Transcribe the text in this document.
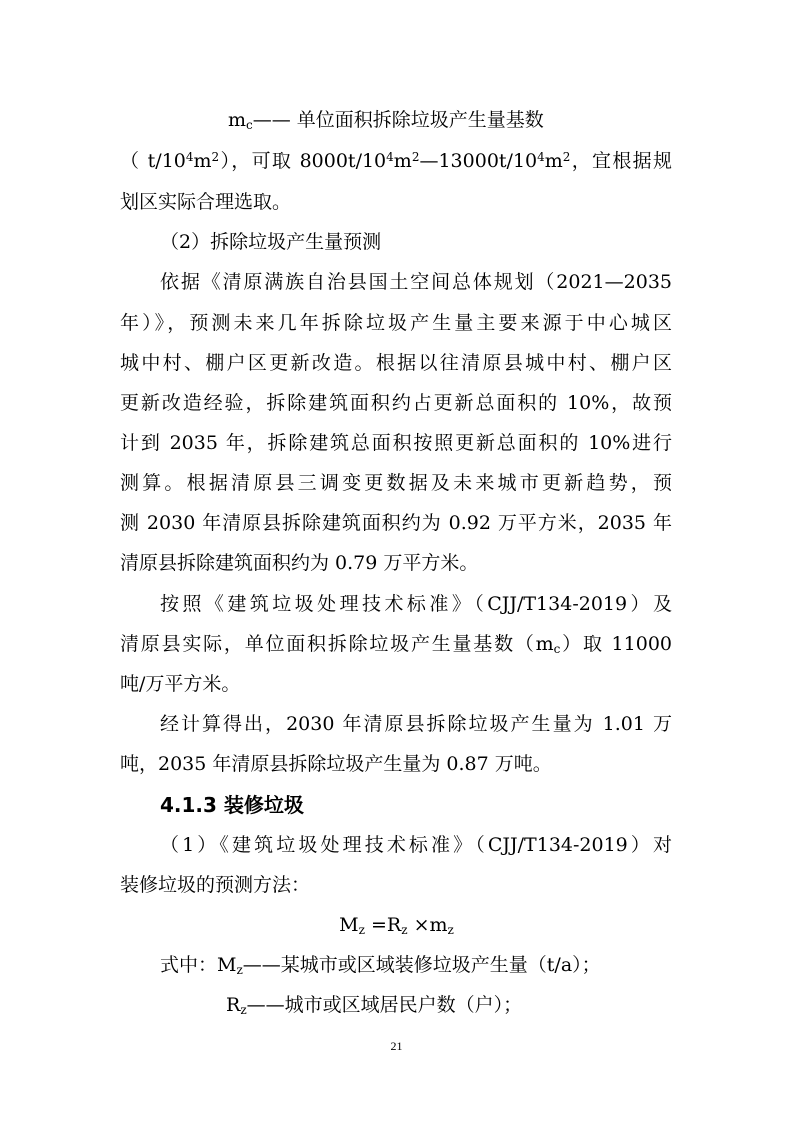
$m_c——$ 单位面积拆除垃圾产生量基数
（ $t/10^4m^2$），可取 $8000t/10^4m^2—13000t/10^4m^2$，宜根据规
划区实际合理选取。
（2）拆除垃圾产生量预测
依据《清原满族自治县国土空间总体规划（2021—2035
年）》，预测未来几年拆除垃圾产生量主要来源于中心城区
城中村、棚户区更新改造。根据以往清原县城中村、棚户区
更新改造经验，拆除建筑面积约占更新总面积的 10%，故预
计到 2035 年，拆除建筑总面积按照更新总面积的 10%进行
测算。根据清原县三调变更数据及未来城市更新趋势，预
测 2030 年清原县拆除建筑面积约为 0.92 万平方米，2035 年
清原县拆除建筑面积约为 0.79 万平方米。
按照《建筑垃圾处理技术标准》（CJJ/T134-2019）及
清原县实际，单位面积拆除垃圾产生量基数$(m_c)$取 11000
吨/万平方米。
经计算得出，2030 年清原县拆除垃圾产生量为 1.01 万
吨，2035 年清原县拆除垃圾产生量为 0.87 万吨。
4.1.3 装修垃圾
（1）《建筑垃圾处理技术标准》（CJJ/T134-2019）对
装修垃圾的预测方法：
$M_z =R_z \times m_z$
式中：$M_z——$某城市或区域装修垃圾产生量（t/a）；
$R_z——$城市或区域居民户数（户）；
21
